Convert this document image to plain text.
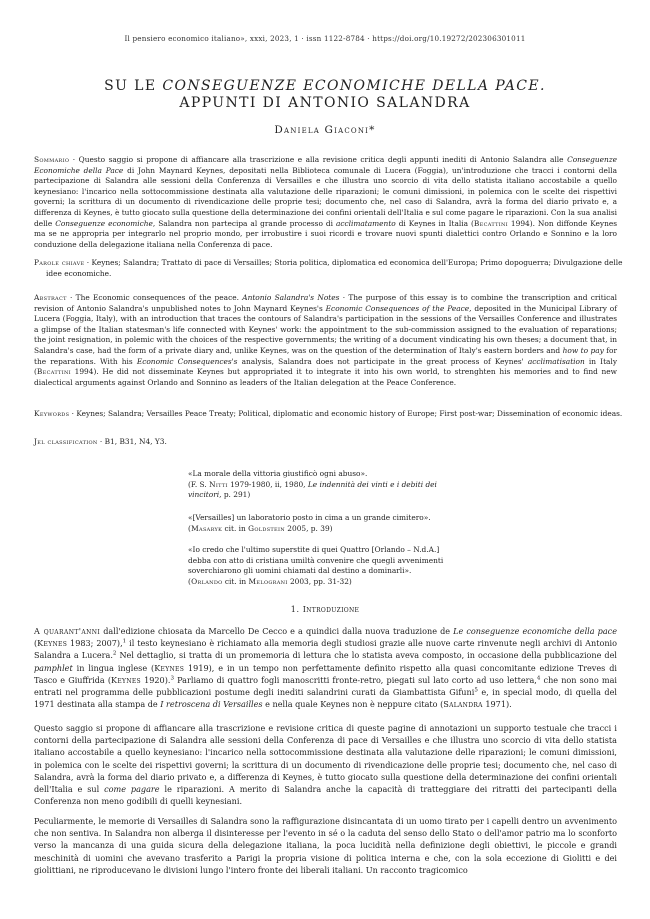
Il pensiero economico italiano», xxxi, 2023, 1 · issn 1122-8784 · https://doi.org/10.19272/202306301011
SU LE CONSEGUENZE ECONOMICHE DELLA PACE.
APPUNTI DI ANTONIO SALANDRA
Daniela Giaconi*
Sommario · Questo saggio si propone di affiancare alla trascrizione e alla revisione critica degli appunti inediti di Antonio Salandra alle Conseguenze Economiche della Pace di John Maynard Keynes, depositati nella Biblioteca comunale di Lucera (Foggia), un'introduzione che tracci i contorni della partecipazione di Salandra alle sessioni della Conferenza di Versailles e che illustra uno scorcio di vita dello statista italiano accostabile a quello keynesiano: l'incarico nella sottocommissione destinata alla valutazione delle riparazioni; le comuni dimissioni, in polemica con le scelte dei rispettivi governi; la scrittura di un documento di rivendicazione delle proprie tesi; documento che, nel caso di Salandra, avrà la forma del diario privato e, a differenza di Keynes, è tutto giocato sulla questione della determinazione dei confini orientali dell'Italia e sul come pagare le riparazioni. Con la sua analisi delle Conseguenze economiche, Salandra non partecipa al grande processo di acclimatamento di Keynes in Italia (Becattini 1994). Non diffonde Keynes ma se ne appropria per integrarlo nel proprio mondo, per irrobustire i suoi ricordi e trovare nuovi spunti dialettici contro Orlando e Sonnino e la loro conduzione della delegazione italiana nella Conferenza di pace.
Parole chiave · Keynes; Salandra; Trattato di pace di Versailles; Storia politica, diplomatica ed economica dell'Europa; Primo dopoguerra; Divulgazione delle idee economiche.
Abstract · The Economic consequences of the peace. Antonio Salandra's Notes · The purpose of this essay is to combine the transcription and critical revision of Antonio Salandra's unpublished notes to John Maynard Keynes's Economic Consequences of the Peace, deposited in the Municipal Library of Lucera (Foggia, Italy), with an introduction that traces the contours of Salandra's participation in the sessions of the Versailles Conference and illustrates a glimpse of the Italian statesman's life connected with Keynes' work: the appointment to the sub-commission assigned to the evaluation of reparations; the joint resignation, in polemic with the choices of the respective governments; the writing of a document vindicating his own theses; a document that, in Salandra's case, had the form of a private diary and, unlike Keynes, was on the question of the determination of Italy's eastern borders and how to pay for the reparations. With his Economic Consequences's analysis, Salandra does not participate in the great process of Keynes' acclimatisation in Italy (Becattini 1994). He did not disseminate Keynes but appropriated it to integrate it into his own world, to strenghten his memories and to find new dialectical arguments against Orlando and Sonnino as leaders of the Italian delegation at the Peace Conference.
Keywords · Keynes; Salandra; Versailles Peace Treaty; Political, diplomatic and economic history of Europe; First post-war; Dissemination of economic ideas.
Jel classification · B1, B31, N4, Y3.
«La morale della vittoria giustificò ogni abuso».
(F. S. Nitti 1979-1980, ii, 1980, Le indennità dei vinti e i debiti dei vincitori, p. 291)
«[Versailles] un laboratorio posto in cima a un grande cimitero».
(Masaryk cit. in Goldstein 2005, p. 39)
«Io credo che l'ultimo superstite di quei Quattro [Orlando – N.d.A.] debba con atto di cristiana umiltà convenire che quegli avvenimenti soverchiarono gli uomini chiamati dal destino a dominarli».
(Orlando cit. in Melograni 2003, pp. 31-32)
1. Introduzione
A quarant'anni dall'edizione chiosata da Marcello De Cecco e a quindici dalla nuova traduzione de Le conseguenze economiche della pace (Keynes 1983; 2007),$^1$ il testo keynesiano è richiamato alla memoria degli studiosi grazie alle nuove carte rinvenute negli archivi di Antonio Salandra a Lucera.$^2$ Nel dettaglio, si tratta di un promemoria di lettura che lo statista aveva composto, in occasione della pubblicazione del pamphlet in lingua inglese (Keynes 1919), e in un tempo non perfettamente definito rispetto alla quasi concomitante edizione Treves di Tasco e Giuffrida (Keynes 1920).$^3$ Parliamo di quattro fogli manoscritti fronte-retro, piegati sul lato corto ad uso lettera,$^4$ che non sono mai entrati nel programma delle pubblicazioni postume degli inediti salandrini curati da Giambattista Gifuni$^5$ e, in special modo, di quella del 1971 destinata alla stampa de I retroscena di Versailles e nella quale Keynes non è neppure citato (Salandra 1971).
Questo saggio si propone di affiancare alla trascrizione e revisione critica di queste pagine di annotazioni un supporto testuale che tracci i contorni della partecipazione di Salandra alle sessioni della Conferenza di pace di Versailles e che illustra uno scorcio di vita dello statista italiano accostabile a quello keynesiano: l'incarico nella sottocommissione destinata alla valutazione delle riparazioni; le comuni dimissioni, in polemica con le scelte dei rispettivi governi; la scrittura di un documento di rivendicazione delle proprie tesi; documento che, nel caso di Salandra, avrà la forma del diario privato e, a differenza di Keynes, è tutto giocato sulla questione della determinazione dei confini orientali dell'Italia e sul come pagare le riparazioni. A merito di Salandra anche la capacità di tratteggiare dei ritratti dei partecipanti della Conferenza non meno godibili di quelli keynesiani.
Peculiarmente, le memorie di Versailles di Salandra sono la raffigurazione disincantata di un uomo tirato per i capelli dentro un avvenimento che non sentiva. In Salandra non alberga il disinteresse per l'evento in sé o la caduta del senso dello Stato o dell'amor patrio ma lo sconforto verso la mancanza di una guida sicura della delegazione italiana, la poca lucidità nella definizione degli obiettivi, le piccole e grandi meschinità di uomini che avevano trasferito a Parigi la propria visione di politica interna e che, con la sola eccezione di Giolitti e dei giolittiani, ne riproducevano le divisioni lungo l'intero fronte dei liberali italiani. Un racconto tragicomico
